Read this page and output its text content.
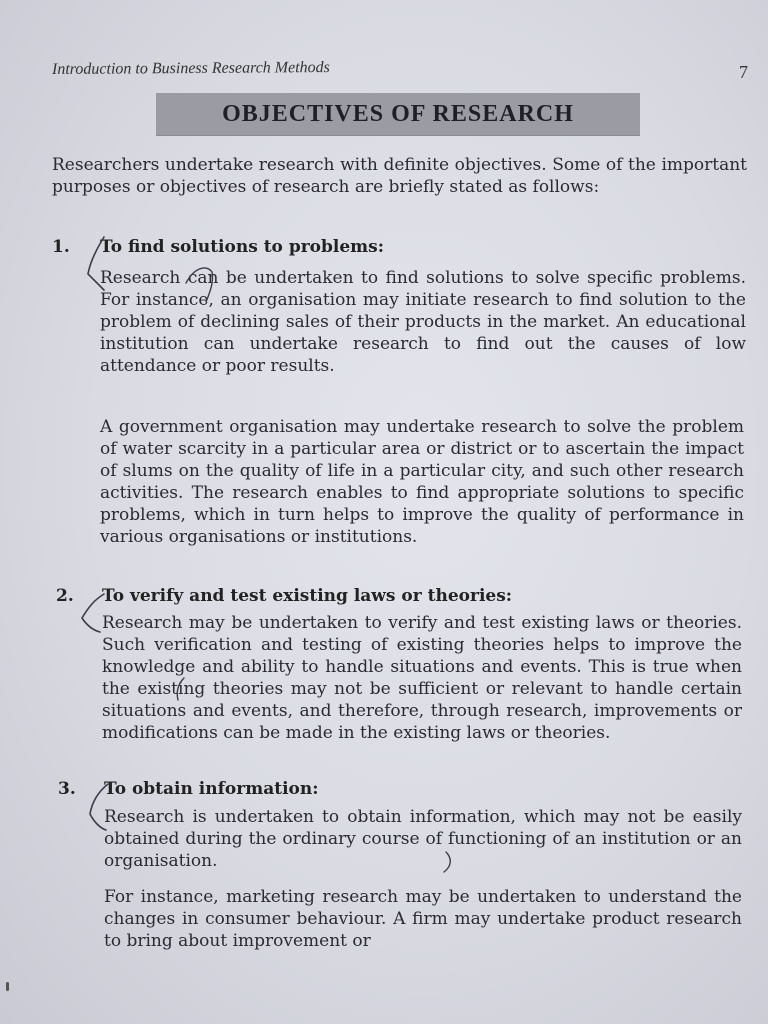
Introduction to Business Research Methods	7
OBJECTIVES OF RESEARCH
Researchers undertake research with definite objectives. Some of the important purposes or objectives of research are briefly stated as follows:
1. To find solutions to problems:
Research can be undertaken to find solutions to solve specific problems. For instance, an organisation may initiate research to find solution to the problem of declining sales of their products in the market. An educational institution can undertake research to find out the causes of low attendance or poor results.
A government organisation may undertake research to solve the problem of water scarcity in a particular area or district or to ascertain the impact of slums on the quality of life in a particular city, and such other research activities. The research enables to find appropriate solutions to specific problems, which in turn helps to improve the quality of performance in various organisations or institutions.
2. To verify and test existing laws or theories:
Research may be undertaken to verify and test existing laws or theories. Such verification and testing of existing theories helps to improve the knowledge and ability to handle situations and events. This is true when the existing theories may not be sufficient or relevant to handle certain situations and events, and therefore, through research, improvements or modifications can be made in the existing laws or theories.
3. To obtain information:
Research is undertaken to obtain information, which may not be easily obtained during the ordinary course of functioning of an institution or an organisation.
For instance, marketing research may be undertaken to understand the changes in consumer behaviour. A firm may undertake product research to bring about improvement or
